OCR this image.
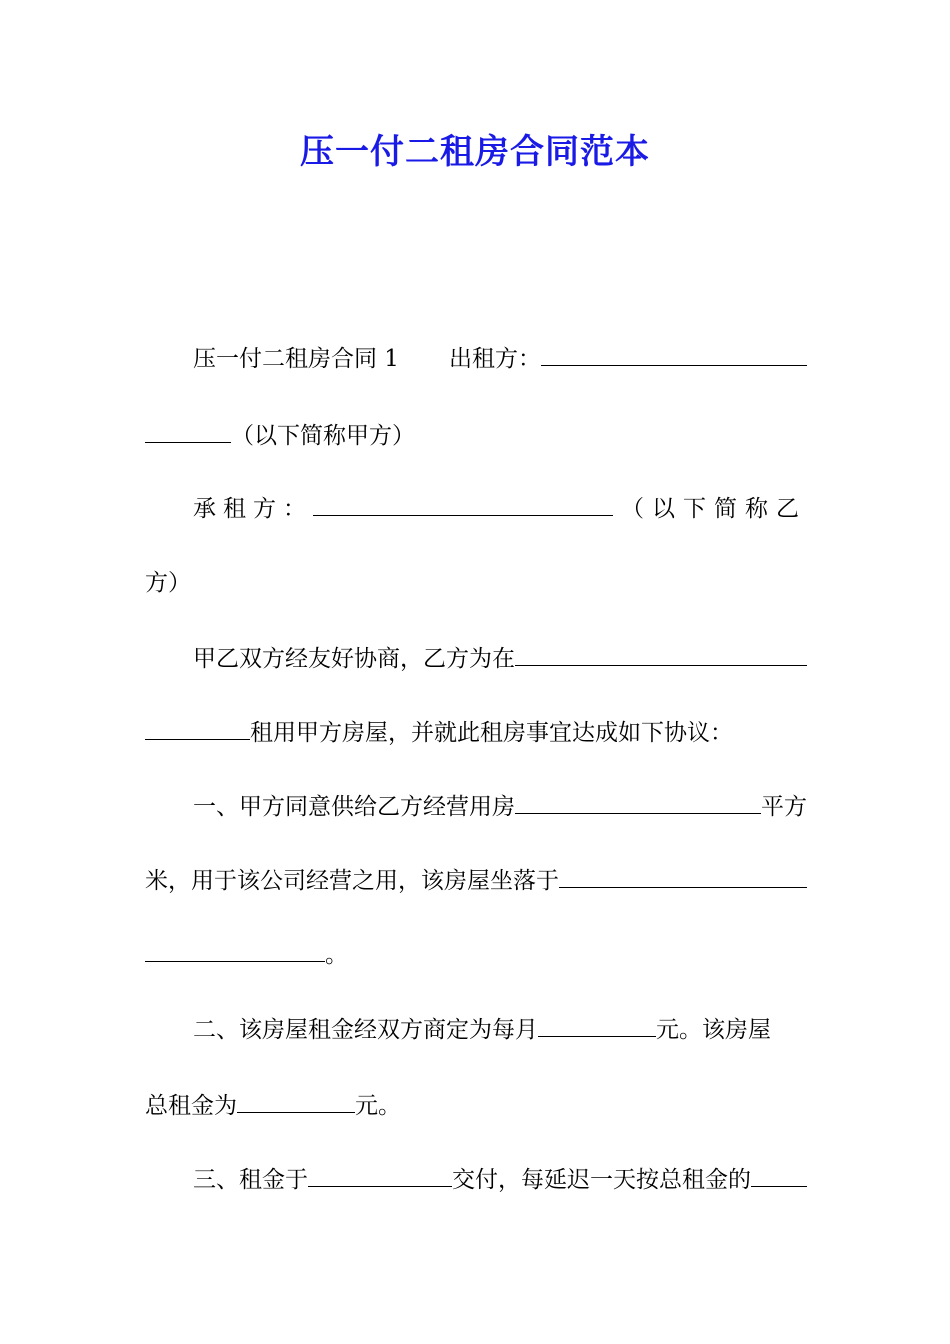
压一付二租房合同范本
压一付二租房合同 1 出租方：
（以下简称甲方）
承租方：	（以下简称乙
方）
甲乙双方经友好协商，乙方为在
租用甲方房屋，并就此租房事宜达成如下协议：
一、甲方同意供给乙方经营用房	平方
米，用于该公司经营之用，该房屋坐落于
。
二、该房屋租金经双方商定为每月	元。该房屋
总租金为	元。
三、租金于	交付，每延迟一天按总租金的
